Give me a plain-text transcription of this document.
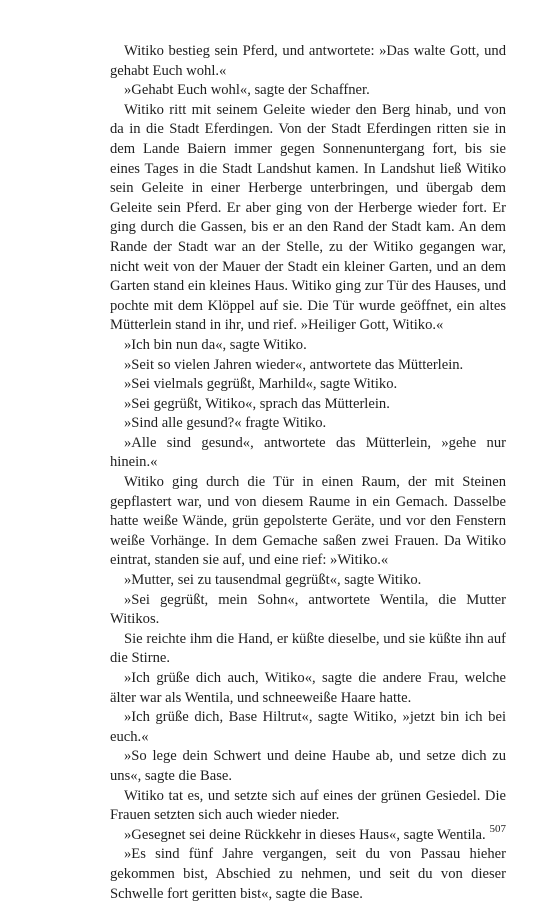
Witiko bestieg sein Pferd, und antwortete: »Das walte Gott, und gehabt Euch wohl.«

»Gehabt Euch wohl«, sagte der Schaffner.

Witiko ritt mit seinem Geleite wieder den Berg hinab, und von da in die Stadt Eferdingen. Von der Stadt Eferdingen ritten sie in dem Lande Baiern immer gegen Sonnenuntergang fort, bis sie eines Tages in die Stadt Landshut kamen. In Landshut ließ Witiko sein Geleite in einer Herberge unterbringen, und übergab dem Geleite sein Pferd. Er aber ging von der Herberge wieder fort. Er ging durch die Gassen, bis er an den Rand der Stadt kam. An dem Rande der Stadt war an der Stelle, zu der Witiko gegangen war, nicht weit von der Mauer der Stadt ein kleiner Garten, und an dem Garten stand ein kleines Haus. Witiko ging zur Tür des Hauses, und pochte mit dem Klöppel auf sie. Die Tür wurde geöffnet, ein altes Mütterlein stand in ihr, und rief. »Heiliger Gott, Witiko.«

»Ich bin nun da«, sagte Witiko.

»Seit so vielen Jahren wieder«, antwortete das Mütterlein.

»Sei vielmals gegrüßt, Marhild«, sagte Witiko.

»Sei gegrüßt, Witiko«, sprach das Mütterlein.

»Sind alle gesund?« fragte Witiko.

»Alle sind gesund«, antwortete das Mütterlein, »gehe nur hinein.«

Witiko ging durch die Tür in einen Raum, der mit Steinen gepflastert war, und von diesem Raume in ein Gemach. Dasselbe hatte weiße Wände, grün gepolsterte Geräte, und vor den Fenstern weiße Vorhänge. In dem Gemache saßen zwei Frauen. Da Witiko eintrat, standen sie auf, und eine rief: »Witiko.«

»Mutter, sei zu tausendmal gegrüßt«, sagte Witiko.

»Sei gegrüßt, mein Sohn«, antwortete Wentila, die Mutter Witikos.

Sie reichte ihm die Hand, er küßte dieselbe, und sie küßte ihn auf die Stirne.

»Ich grüße dich auch, Witiko«, sagte die andere Frau, welche älter war als Wentila, und schneeweiße Haare hatte.

»Ich grüße dich, Base Hiltrut«, sagte Witiko, »jetzt bin ich bei euch.«

»So lege dein Schwert und deine Haube ab, und setze dich zu uns«, sagte die Base.

Witiko tat es, und setzte sich auf eines der grünen Gesiedel. Die Frauen setzten sich auch wieder nieder.

»Gesegnet sei deine Rückkehr in dieses Haus«, sagte Wentila.

»Es sind fünf Jahre vergangen, seit du von Passau hieher gekommen bist, Abschied zu nehmen, und seit du von dieser Schwelle fort geritten bist«, sagte die Base.

507
